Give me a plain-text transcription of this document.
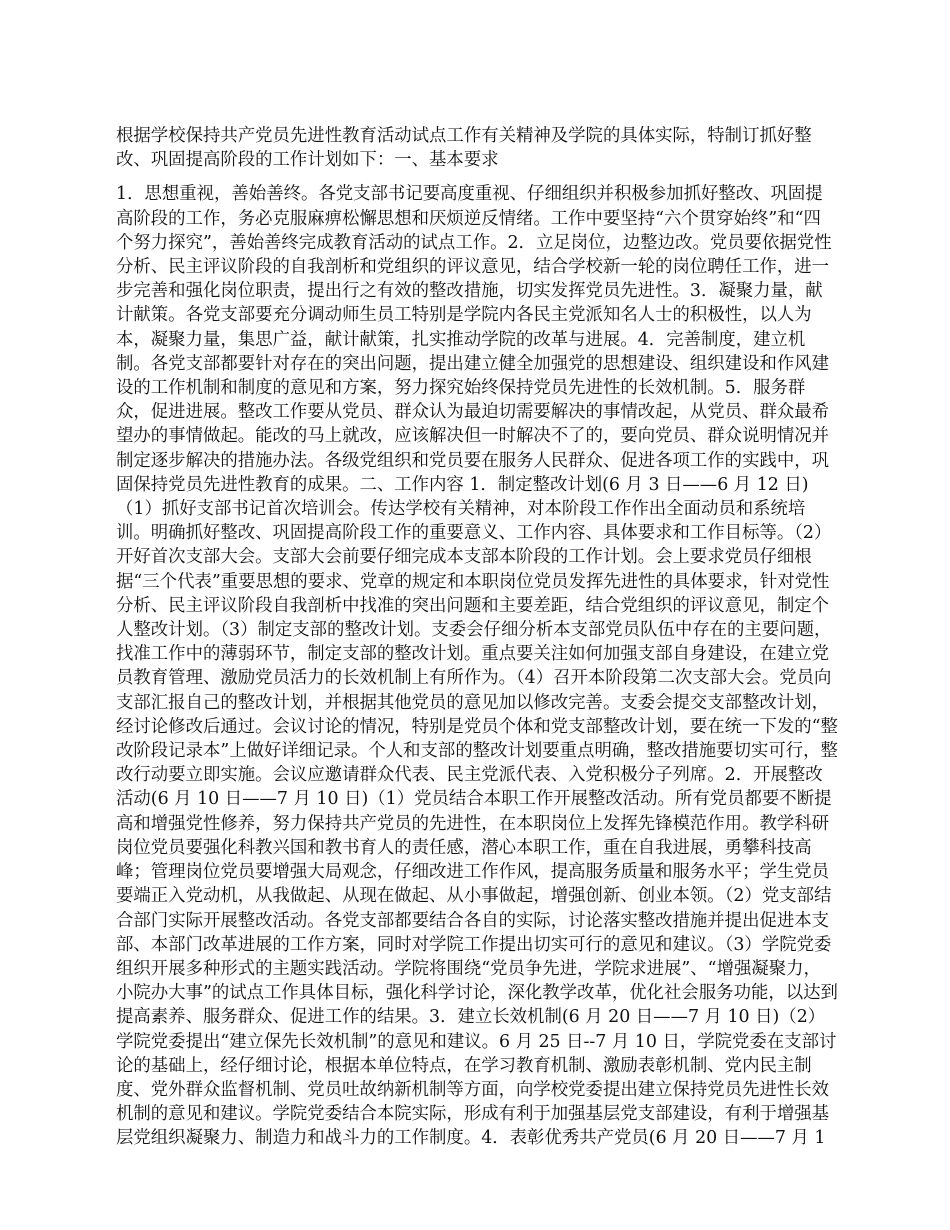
根据学校保持共产党员先进性教育活动试点工作有关精神及学院的具体实际，特制订抓好整改、巩固提高阶段的工作计划如下：一、基本要求

1．思想重视，善始善终。各党支部书记要高度重视、仔细组织并积极参加抓好整改、巩固提高阶段的工作，务必克服麻痹松懈思想和厌烦逆反情绪。工作中要坚持“六个贯穿始终”和“四个努力探究”，善始善终完成教育活动的试点工作。2．立足岗位，边整边改。党员要依据党性分析、民主评议阶段的自我剖析和党组织的评议意见，结合学校新一轮的岗位聘任工作，进一步完善和强化岗位职责，提出行之有效的整改措施，切实发挥党员先进性。3．凝聚力量，献计献策。各党支部要充分调动师生员工特别是学院内各民主党派知名人士的积极性，以人为本，凝聚力量，集思广益，献计献策，扎实推动学院的改革与进展。4．完善制度，建立机制。各党支部都要针对存在的突出问题，提出建立健全加强党的思想建设、组织建设和作风建设的工作机制和制度的意见和方案，努力探究始终保持党员先进性的长效机制。5．服务群众，促进进展。整改工作要从党员、群众认为最迫切需要解决的事情改起，从党员、群众最希望办的事情做起。能改的马上就改，应该解决但一时解决不了的，要向党员、群众说明情况并制定逐步解决的措施办法。各级党组织和党员要在服务人民群众、促进各项工作的实践中，巩固保持党员先进性教育的成果。二、工作内容 1．制定整改计划(6 月 3 日——6 月 12 日)（1）抓好支部书记首次培训会。传达学校有关精神，对本阶段工作作出全面动员和系统培训。明确抓好整改、巩固提高阶段工作的重要意义、工作内容、具体要求和工作目标等。（2）开好首次支部大会。支部大会前要仔细完成本支部本阶段的工作计划。会上要求党员仔细根据“三个代表”重要思想的要求、党章的规定和本职岗位党员发挥先进性的具体要求，针对党性分析、民主评议阶段自我剖析中找准的突出问题和主要差距，结合党组织的评议意见，制定个人整改计划。（3）制定支部的整改计划。支委会仔细分析本支部党员队伍中存在的主要问题，找准工作中的薄弱环节，制定支部的整改计划。重点要关注如何加强支部自身建设，在建立党员教育管理、激励党员活力的长效机制上有所作为。（4）召开本阶段第二次支部大会。党员向支部汇报自己的整改计划，并根据其他党员的意见加以修改完善。支委会提交支部整改计划，经讨论修改后通过。会议讨论的情况，特别是党员个体和党支部整改计划，要在统一下发的“整改阶段记录本”上做好详细记录。个人和支部的整改计划要重点明确，整改措施要切实可行，整改行动要立即实施。会议应邀请群众代表、民主党派代表、入党积极分子列席。2．开展整改活动(6 月 10 日——7 月 10 日)（1）党员结合本职工作开展整改活动。所有党员都要不断提高和增强党性修养，努力保持共产党员的先进性，在本职岗位上发挥先锋模范作用。教学科研岗位党员要强化科教兴国和教书育人的责任感，潜心本职工作，重在自我进展，勇攀科技高峰；管理岗位党员要增强大局观念，仔细改进工作作风，提高服务质量和服务水平；学生党员要端正入党动机，从我做起、从现在做起、从小事做起，增强创新、创业本领。（2）党支部结合部门实际开展整改活动。各党支部都要结合各自的实际，讨论落实整改措施并提出促进本支部、本部门改革进展的工作方案，同时对学院工作提出切实可行的意见和建议。（3）学院党委组织开展多种形式的主题实践活动。学院将围绕“党员争先进，学院求进展”、“增强凝聚力，小院办大事”的试点工作具体目标，强化科学讨论，深化教学改革，优化社会服务功能，以达到提高素养、服务群众、促进工作的结果。3．建立长效机制(6 月 20 日——7 月 10 日)（2）学院党委提出“建立保先长效机制”的意见和建议。6 月 25 日--7 月 10 日，学院党委在支部讨论的基础上，经仔细讨论，根据本单位特点，在学习教育机制、激励表彰机制、党内民主制度、党外群众监督机制、党员吐故纳新机制等方面，向学校党委提出建立保持党员先进性长效机制的意见和建议。学院党委结合本院实际，形成有利于加强基层党支部建设，有利于增强基层党组织凝聚力、制造力和战斗力的工作制度。4．表彰优秀共产党员(6 月 20 日——7 月 1
